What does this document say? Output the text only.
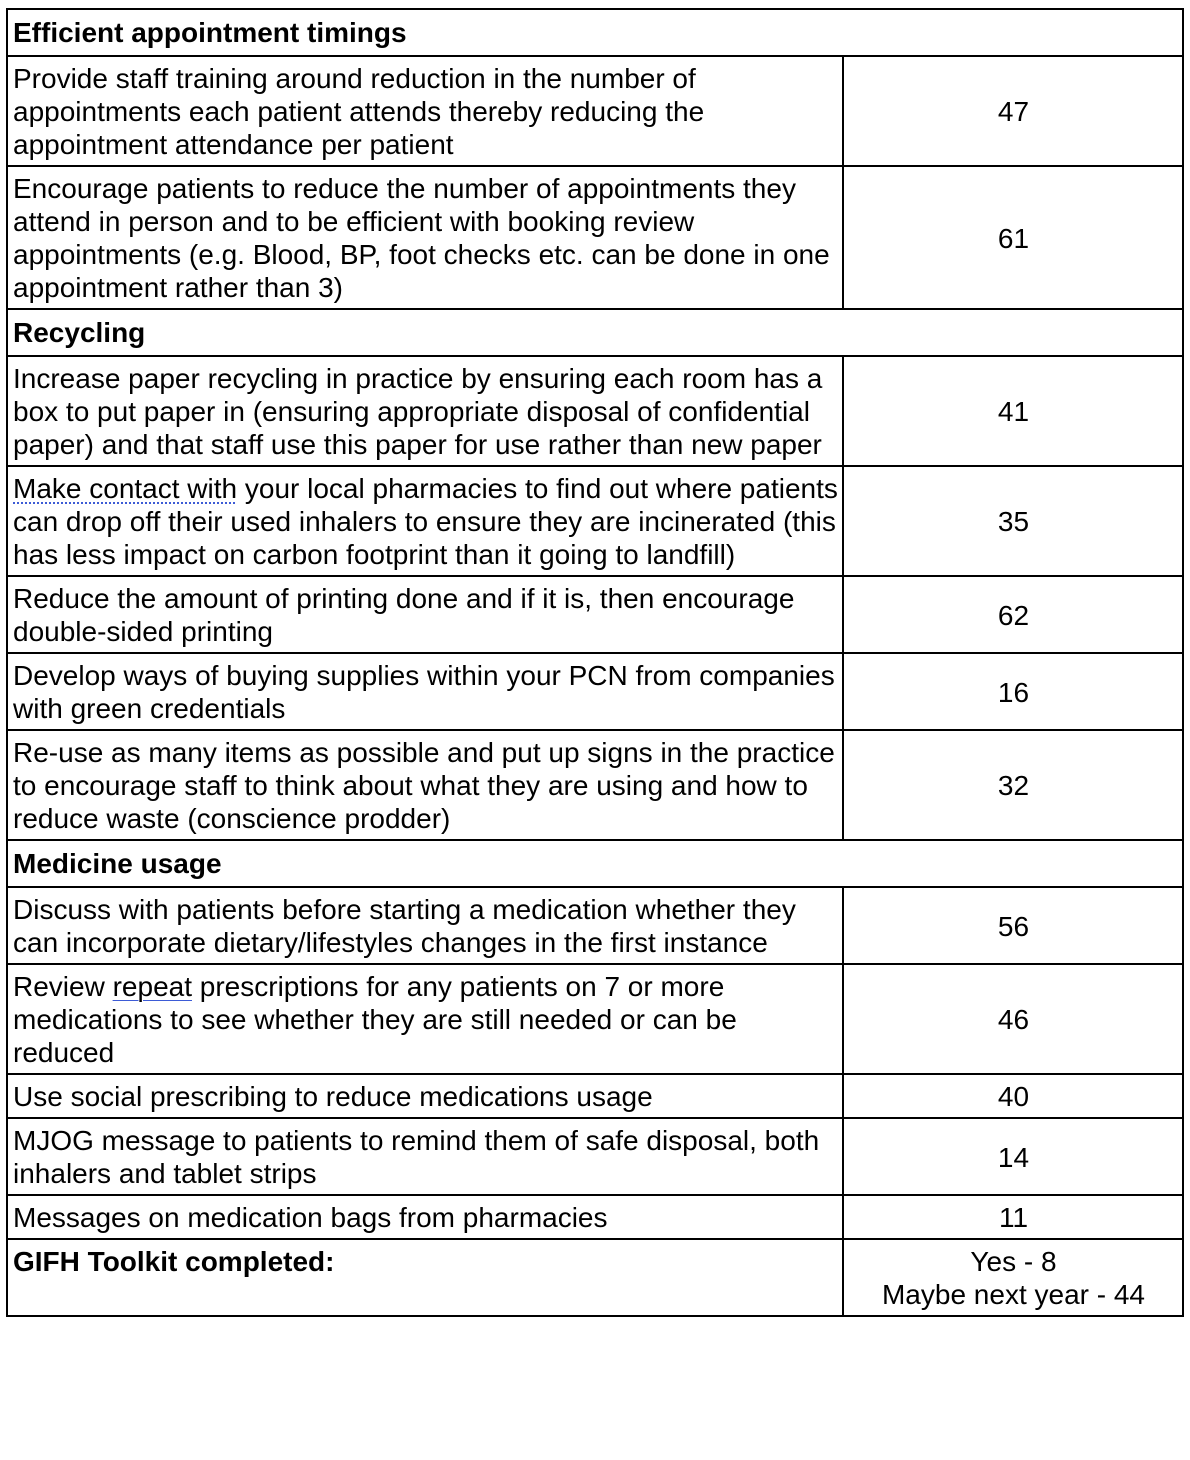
Efficient appointment timings	
Provide staff training around reduction in the number of appointments each patient attends thereby reducing the appointment attendance per patient	47
Encourage patients to reduce the number of appointments they attend in person and to be efficient with booking review appointments (e.g. Blood, BP, foot checks etc. can be done in one appointment rather than 3)	61
Recycling	
Increase paper recycling in practice by ensuring each room has a box to put paper in (ensuring appropriate disposal of confidential paper) and that staff use this paper for use rather than new paper	41
Make contact with your local pharmacies to find out where patients can drop off their used inhalers to ensure they are incinerated (this has less impact on carbon footprint than it going to landfill)	35
Reduce the amount of printing done and if it is, then encourage double-sided printing	62
Develop ways of buying supplies within your PCN from companies with green credentials	16
Re-use as many items as possible and put up signs in the practice to encourage staff to think about what they are using and how to reduce waste (conscience prodder)	32
Medicine usage	
Discuss with patients before starting a medication whether they can incorporate dietary/lifestyles changes in the first instance	56
Review repeat prescriptions for any patients on 7 or more medications to see whether they are still needed or can be reduced	46
Use social prescribing to reduce medications usage	40
MJOG message to patients to remind them of safe disposal, both inhalers and tablet strips	14
Messages on medication bags from pharmacies	11
GIFH Toolkit completed:	Yes - 8
Maybe next year - 44
